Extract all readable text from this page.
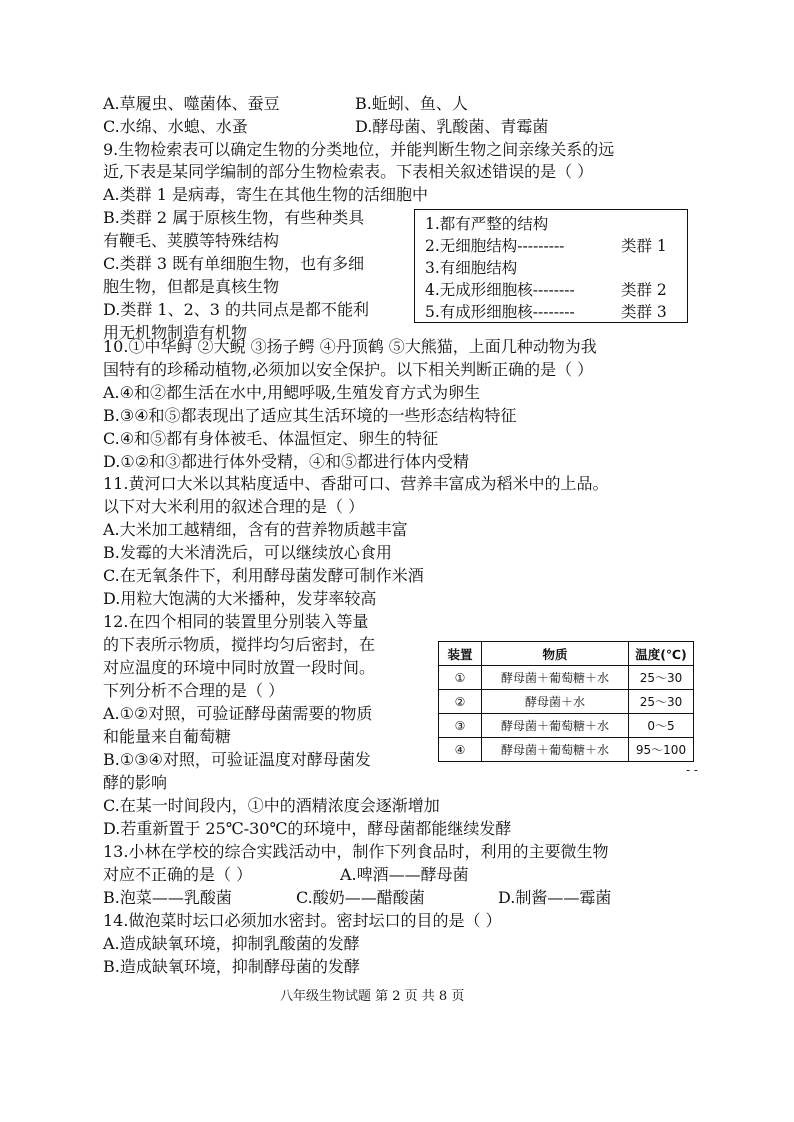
A.草履虫、噬菌体、蚕豆	B.蚯蚓、鱼、人
C.水绵、水螅、水蚤	D.酵母菌、乳酸菌、青霉菌
9.生物检索表可以确定生物的分类地位，并能判断生物之间亲缘关系的远
近,下表是某同学编制的部分生物检索表。下表相关叙述错误的是（ ）
A.类群 1 是病毒，寄生在其他生物的活细胞中
B.类群 2 属于原核生物，有些种类具
有鞭毛、荚膜等特殊结构
C.类群 3 既有单细胞生物，也有多细
胞生物，但都是真核生物
D.类群 1、2、3 的共同点是都不能利
用无机物制造有机物
1.都有严整的结构
2.无细胞结构---------	类群 1
3.有细胞结构
4.无成形细胞核--------	类群 2
5.有成形细胞核--------	类群 3
10.①中华鲟 ②大鲵 ③扬子鳄 ④丹顶鹤 ⑤大熊猫，上面几种动物为我
国特有的珍稀动植物,必须加以安全保护。以下相关判断正确的是（ ）
A.④和②都生活在水中,用鳃呼吸,生殖发育方式为卵生
B.③④和⑤都表现出了适应其生活环境的一些形态结构特征
C.④和⑤都有身体被毛、体温恒定、卵生的特征
D.①②和③都进行体外受精，④和⑤都进行体内受精
11.黄河口大米以其粘度适中、香甜可口、营养丰富成为稻米中的上品。
以下对大米利用的叙述合理的是（ ）
A.大米加工越精细，含有的营养物质越丰富
B.发霉的大米清洗后，可以继续放心食用
C.在无氧条件下，利用酵母菌发酵可制作米酒
D.用粒大饱满的大米播种，发芽率较高
12.在四个相同的装置里分别装入等量
的下表所示物质，搅拌均匀后密封，在
对应温度的环境中同时放置一段时间。
下列分析不合理的是（ ）
A.①②对照，可验证酵母菌需要的物质
和能量来自葡萄糖
B.①③④对照，可验证温度对酵母菌发
酵的影响
C.在某一时间段内，①中的酒精浓度会逐渐增加
D.若重新置于 25℃-30℃的环境中，酵母菌都能继续发酵
装置	物质	温度(℃)
①	酵母菌＋葡萄糖＋水	25～30
②	酵母菌＋水	25～30
③	酵母菌＋葡萄糖＋水	0～5
④	酵母菌＋葡萄糖＋水	95～100
- -
13.小林在学校的综合实践活动中，制作下列食品时，利用的主要微生物
对应不正确的是（ ）	A.啤酒——酵母菌
B.泡菜——乳酸菌	C.酸奶——醋酸菌	D.制酱——霉菌
14.做泡菜时坛口必须加水密封。密封坛口的目的是（ ）
A.造成缺氧环境，抑制乳酸菌的发酵
B.造成缺氧环境，抑制酵母菌的发酵
八年级生物试题 第 2 页 共 8 页
